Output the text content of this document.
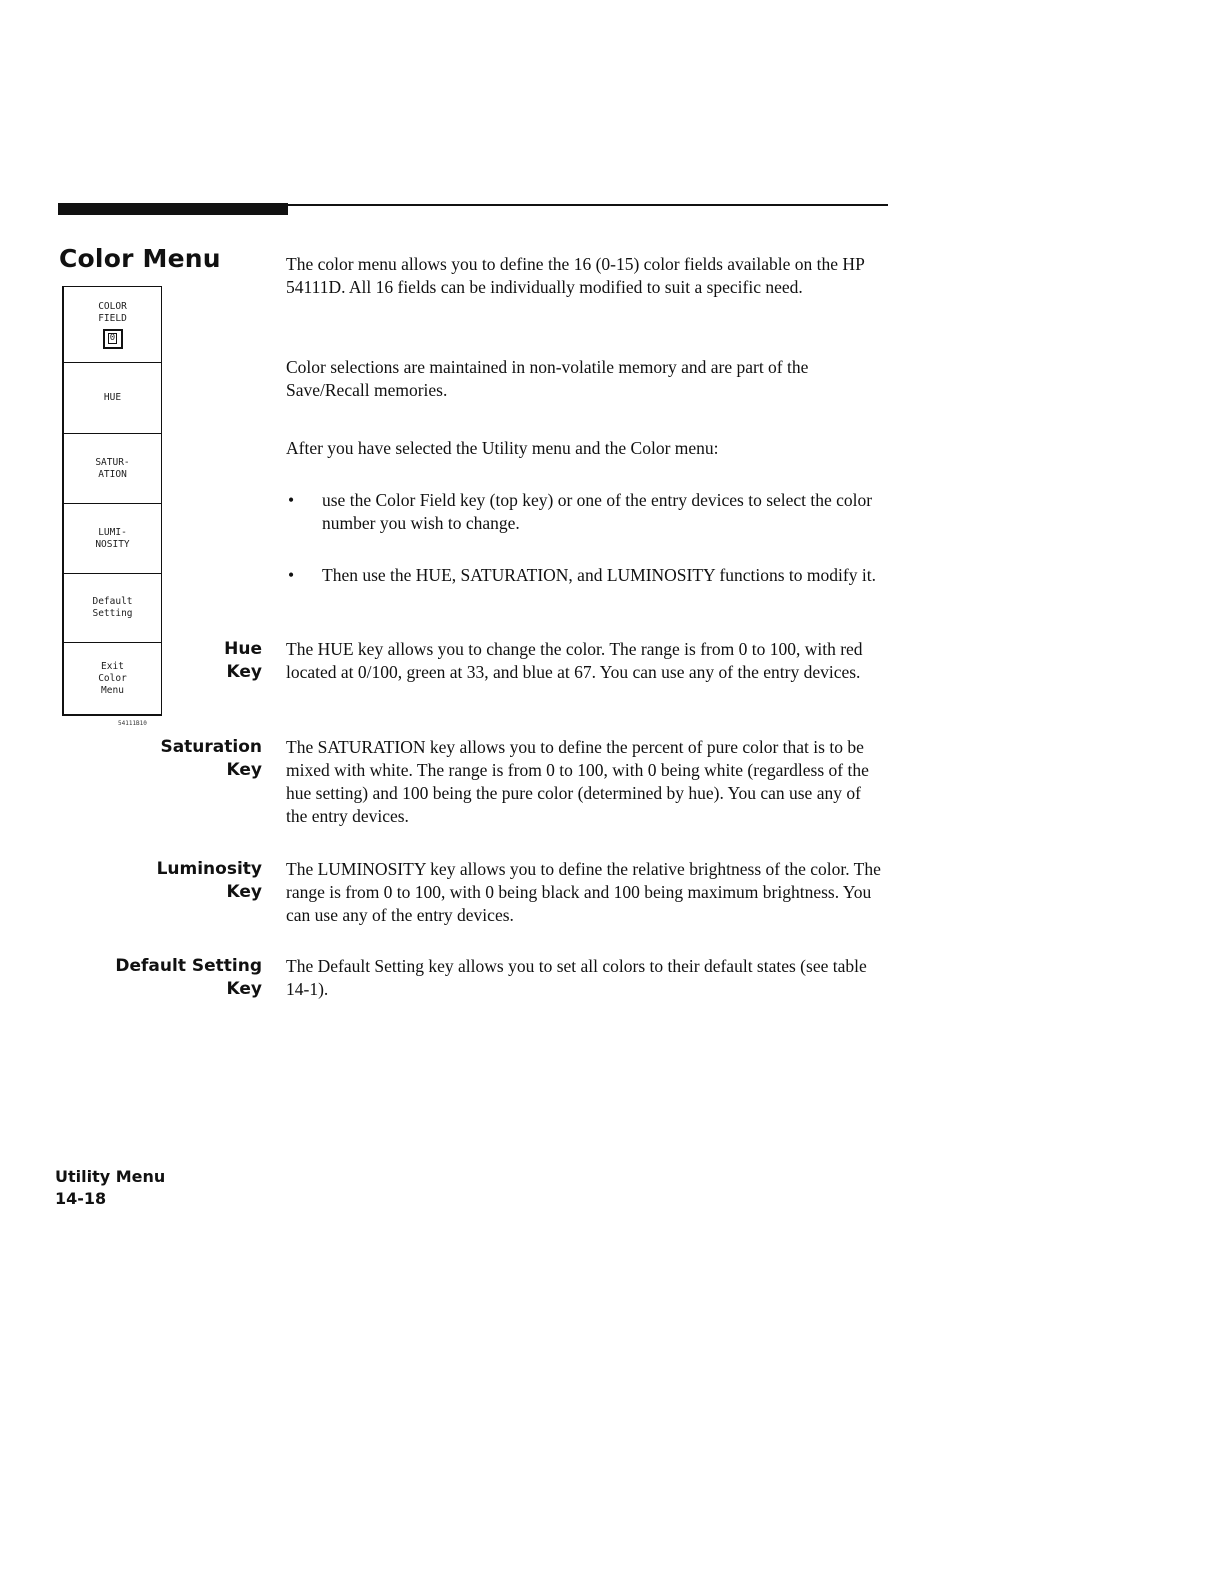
Color Menu
COLOR
FIELD
0
HUE
SATUR-
ATION
LUMI-
NOSITY
Default
Setting
Exit
Color
Menu
54111B10

The color menu allows you to define the 16 (0-15) color fields available on the HP 54111D. All 16 fields can be individually modified to suit a specific need.

Color selections are maintained in non-volatile memory and are part of the Save/Recall memories.

After you have selected the Utility menu and the Color menu:

• use the Color Field key (top key) or one of the entry devices to select the color number you wish to change.
• Then use the HUE, SATURATION, and LUMINOSITY functions to modify it.
Hue
Key

The HUE key allows you to change the color. The range is from 0 to 100, with red located at 0/100, green at 33, and blue at 67. You can use any of the entry devices.

Saturation
Key

The SATURATION key allows you to define the percent of pure color that is to be mixed with white. The range is from 0 to 100, with 0 being white (regardless of the hue setting) and 100 being the pure color (determined by hue). You can use any of the entry devices.

Luminosity
Key

The LUMINOSITY key allows you to define the relative brightness of the color. The range is from 0 to 100, with 0 being black and 100 being maximum brightness. You can use any of the entry devices.

Default Setting
Key

The Default Setting key allows you to set all colors to their default states (see table 14-1).

Utility Menu
14-18
